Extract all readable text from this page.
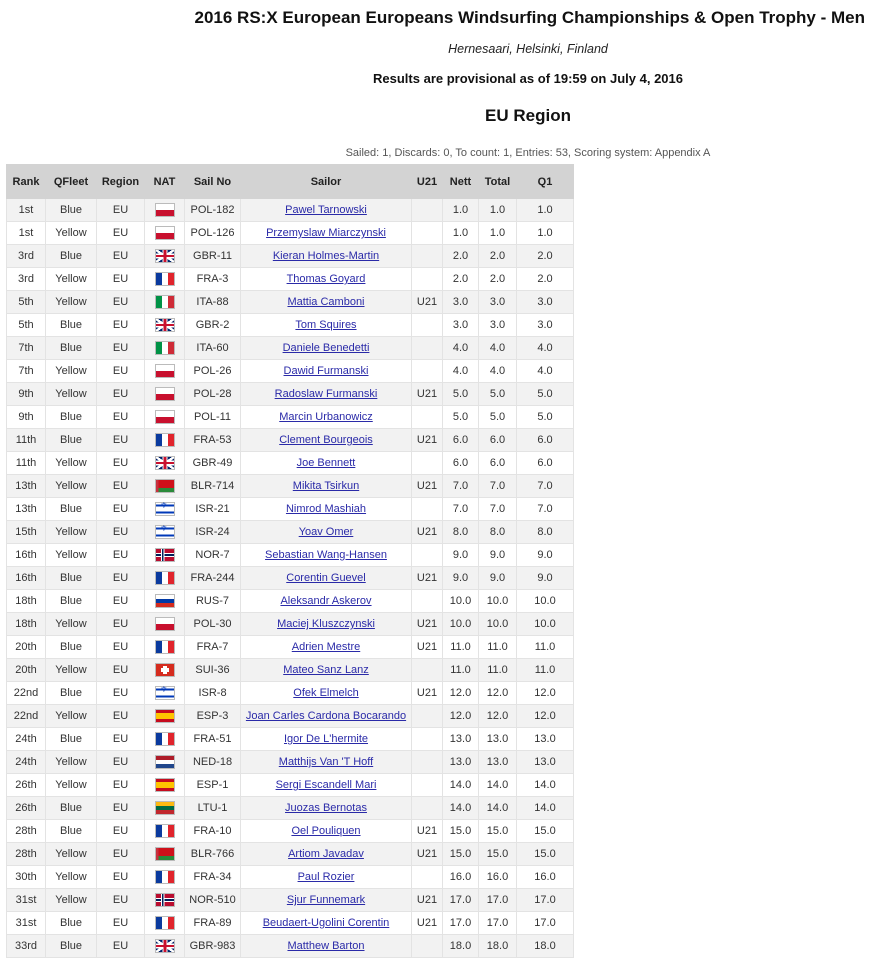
2016 RS:X European Europeans Windsurfing Championships & Open Trophy - Men
Hernesaari, Helsinki, Finland
Results are provisional as of 19:59 on July 4, 2016
EU Region
Sailed: 1, Discards: 0, To count: 1, Entries: 53, Scoring system: Appendix A
Rank	QFleet	Region	NAT	Sail No	Sailor	U21	Nett	Total	Q1
1st	Blue	EU		POL-182	Pawel Tarnowski		1.0	1.0	1.0
1st	Yellow	EU		POL-126	Przemyslaw Miarczynski		1.0	1.0	1.0
3rd	Blue	EU		GBR-11	Kieran Holmes-Martin		2.0	2.0	2.0
3rd	Yellow	EU		FRA-3	Thomas Goyard		2.0	2.0	2.0
5th	Yellow	EU		ITA-88	Mattia Camboni	U21	3.0	3.0	3.0
5th	Blue	EU		GBR-2	Tom Squires		3.0	3.0	3.0
7th	Blue	EU		ITA-60	Daniele Benedetti		4.0	4.0	4.0
7th	Yellow	EU		POL-26	Dawid Furmanski		4.0	4.0	4.0
9th	Yellow	EU		POL-28	Radoslaw Furmanski	U21	5.0	5.0	5.0
9th	Blue	EU		POL-11	Marcin Urbanowicz		5.0	5.0	5.0
11th	Blue	EU		FRA-53	Clement Bourgeois	U21	6.0	6.0	6.0
11th	Yellow	EU		GBR-49	Joe Bennett		6.0	6.0	6.0
13th	Yellow	EU		BLR-714	Mikita Tsirkun	U21	7.0	7.0	7.0
13th	Blue	EU	✡	ISR-21	Nimrod Mashiah		7.0	7.0	7.0
15th	Yellow	EU	✡	ISR-24	Yoav Omer	U21	8.0	8.0	8.0
16th	Yellow	EU		NOR-7	Sebastian Wang-Hansen		9.0	9.0	9.0
16th	Blue	EU		FRA-244	Corentin Guevel	U21	9.0	9.0	9.0
18th	Blue	EU		RUS-7	Aleksandr Askerov		10.0	10.0	10.0
18th	Yellow	EU		POL-30	Maciej Kluszczynski	U21	10.0	10.0	10.0
20th	Blue	EU		FRA-7	Adrien Mestre	U21	11.0	11.0	11.0
20th	Yellow	EU		SUI-36	Mateo Sanz Lanz		11.0	11.0	11.0
22nd	Blue	EU	✡	ISR-8	Ofek Elmelch	U21	12.0	12.0	12.0
22nd	Yellow	EU		ESP-3	Joan Carles Cardona Bocarando		12.0	12.0	12.0
24th	Blue	EU		FRA-51	Igor De L'hermite		13.0	13.0	13.0
24th	Yellow	EU		NED-18	Matthijs Van 'T Hoff		13.0	13.0	13.0
26th	Yellow	EU		ESP-1	Sergi Escandell Mari		14.0	14.0	14.0
26th	Blue	EU		LTU-1	Juozas Bernotas		14.0	14.0	14.0
28th	Blue	EU		FRA-10	Oel Pouliquen	U21	15.0	15.0	15.0
28th	Yellow	EU		BLR-766	Artiom Javadav	U21	15.0	15.0	15.0
30th	Yellow	EU		FRA-34	Paul Rozier		16.0	16.0	16.0
31st	Yellow	EU		NOR-510	Sjur Funnemark	U21	17.0	17.0	17.0
31st	Blue	EU		FRA-89	Beudaert-Ugolini Corentin	U21	17.0	17.0	17.0
33rd	Blue	EU		GBR-983	Matthew Barton		18.0	18.0	18.0
